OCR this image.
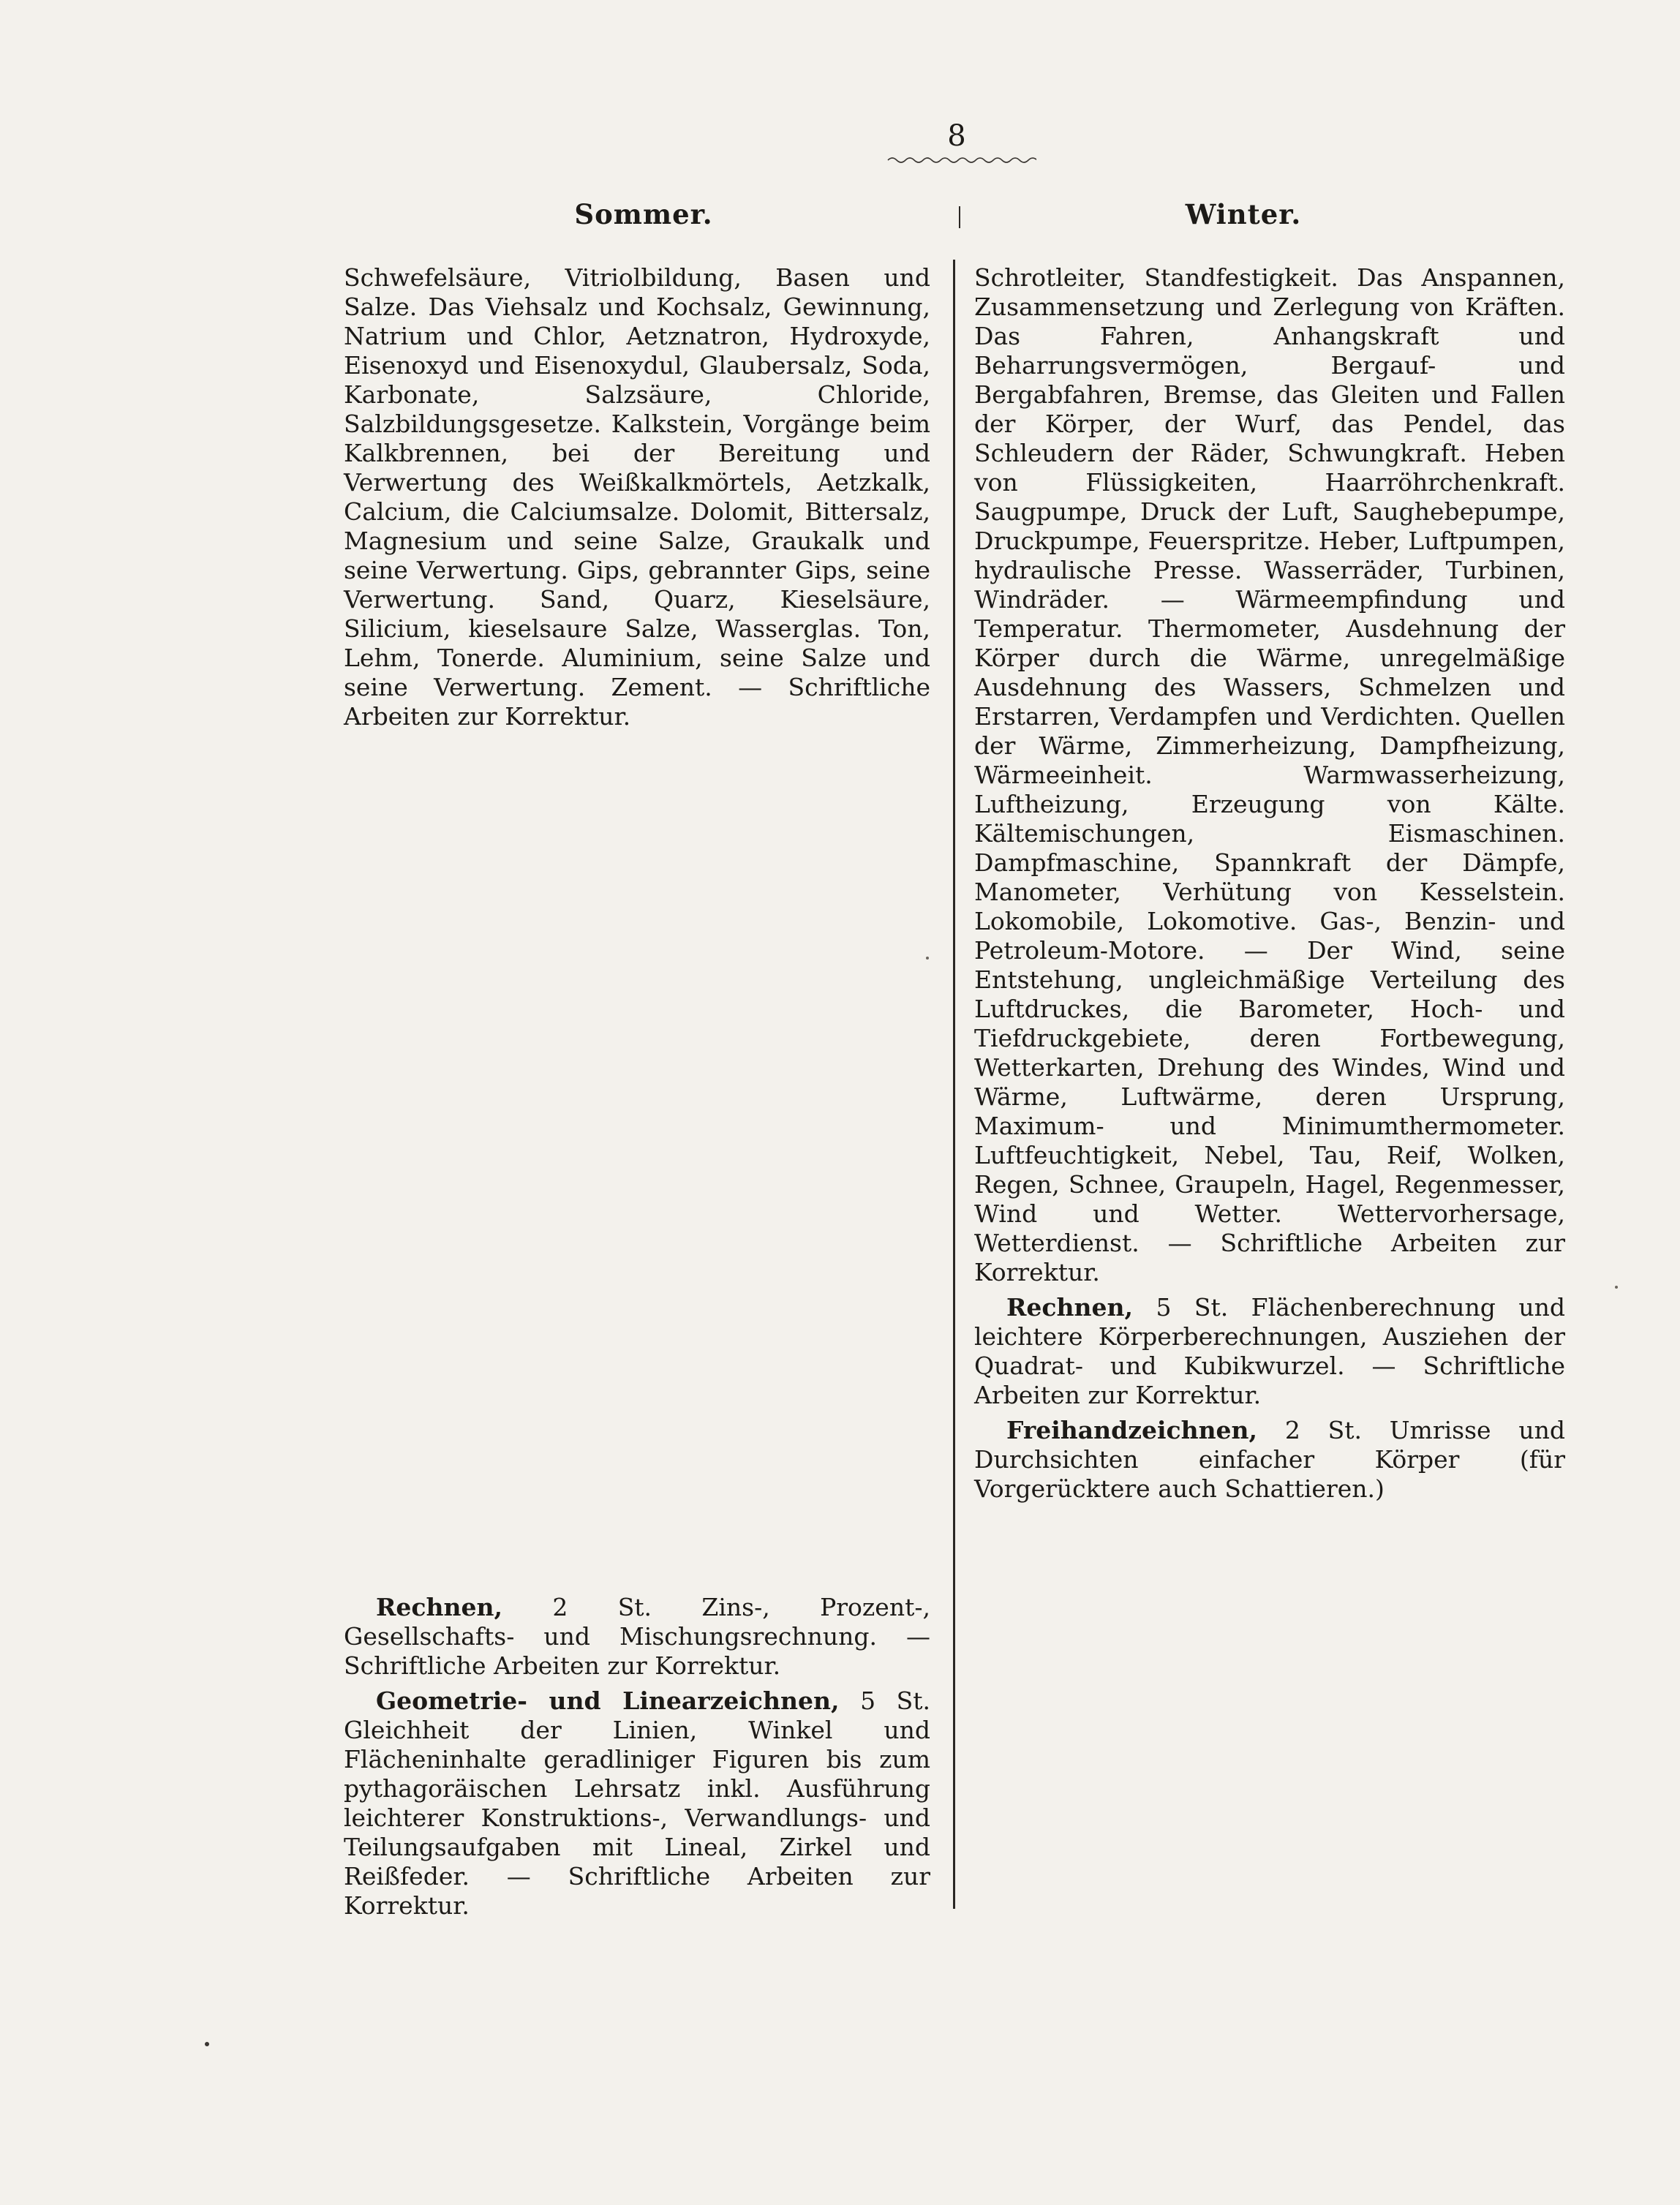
8
Sommer.	Winter.

Schwefelsäure, Vitriolbildung, Basen und Salze. Das Viehsalz und Kochsalz, Gewinnung, Natrium und Chlor, Aetznatron, Hydroxyde, Eisenoxyd und Eisenoxydul, Glaubersalz, Soda, Karbonate, Salzsäure, Chloride, Salzbildungsgesetze. Kalkstein, Vorgänge beim Kalkbrennen, bei der Bereitung und Verwertung des Weißkalkmörtels, Aetzkalk, Calcium, die Calciumsalze. Dolomit, Bittersalz, Magnesium und seine Salze, Graukalk und seine Verwertung. Gips, gebrannter Gips, seine Verwertung. Sand, Quarz, Kieselsäure, Silicium, kieselsaure Salze, Wasserglas. Ton, Lehm, Tonerde. Aluminium, seine Salze und seine Verwertung. Zement. — Schriftliche Arbeiten zur Korrektur.

Rechnen, 2 St. Zins-, Prozent-, Gesellschafts- und Mischungsrechnung. — Schriftliche Arbeiten zur Korrektur.

Geometrie- und Linearzeichnen, 5 St. Gleichheit der Linien, Winkel und Flächeninhalte geradliniger Figuren bis zum pythagoräischen Lehrsatz inkl. Ausführung leichterer Konstruktions-, Verwandlungs- und Teilungsaufgaben mit Lineal, Zirkel und Reißfeder. — Schriftliche Arbeiten zur Korrektur.

Schrotleiter, Standfestigkeit. Das Anspannen, Zusammensetzung und Zerlegung von Kräften. Das Fahren, Anhangskraft und Beharrungsvermögen, Bergauf- und Bergabfahren, Bremse, das Gleiten und Fallen der Körper, der Wurf, das Pendel, das Schleudern der Räder, Schwungkraft. Heben von Flüssigkeiten, Haarröhrchenkraft. Saugpumpe, Druck der Luft, Saughebepumpe, Druckpumpe, Feuerspritze. Heber, Luftpumpen, hydraulische Presse. Wasserräder, Turbinen, Windräder. — Wärmeempfindung und Temperatur. Thermometer, Ausdehnung der Körper durch die Wärme, unregelmäßige Ausdehnung des Wassers, Schmelzen und Erstarren, Verdampfen und Verdichten. Quellen der Wärme, Zimmerheizung, Dampfheizung, Wärmeeinheit. Warmwasserheizung, Luftheizung, Erzeugung von Kälte. Kältemischungen, Eismaschinen. Dampfmaschine, Spannkraft der Dämpfe, Manometer, Verhütung von Kesselstein. Lokomobile, Lokomotive. Gas-, Benzin- und Petroleum-Motore. — Der Wind, seine Entstehung, ungleichmäßige Verteilung des Luftdruckes, die Barometer, Hoch- und Tiefdruckgebiete, deren Fortbewegung, Wetterkarten, Drehung des Windes, Wind und Wärme, Luftwärme, deren Ursprung, Maximum- und Minimumthermometer. Luftfeuchtigkeit, Nebel, Tau, Reif, Wolken, Regen, Schnee, Graupeln, Hagel, Regenmesser, Wind und Wetter. Wettervorhersage, Wetterdienst. — Schriftliche Arbeiten zur Korrektur.

Rechnen, 5 St. Flächenberechnung und leichtere Körperberechnungen, Ausziehen der Quadrat- und Kubikwurzel. — Schriftliche Arbeiten zur Korrektur.

Freihandzeichnen, 2 St. Umrisse und Durchsichten einfacher Körper (für Vorgerücktere auch Schattieren.)
